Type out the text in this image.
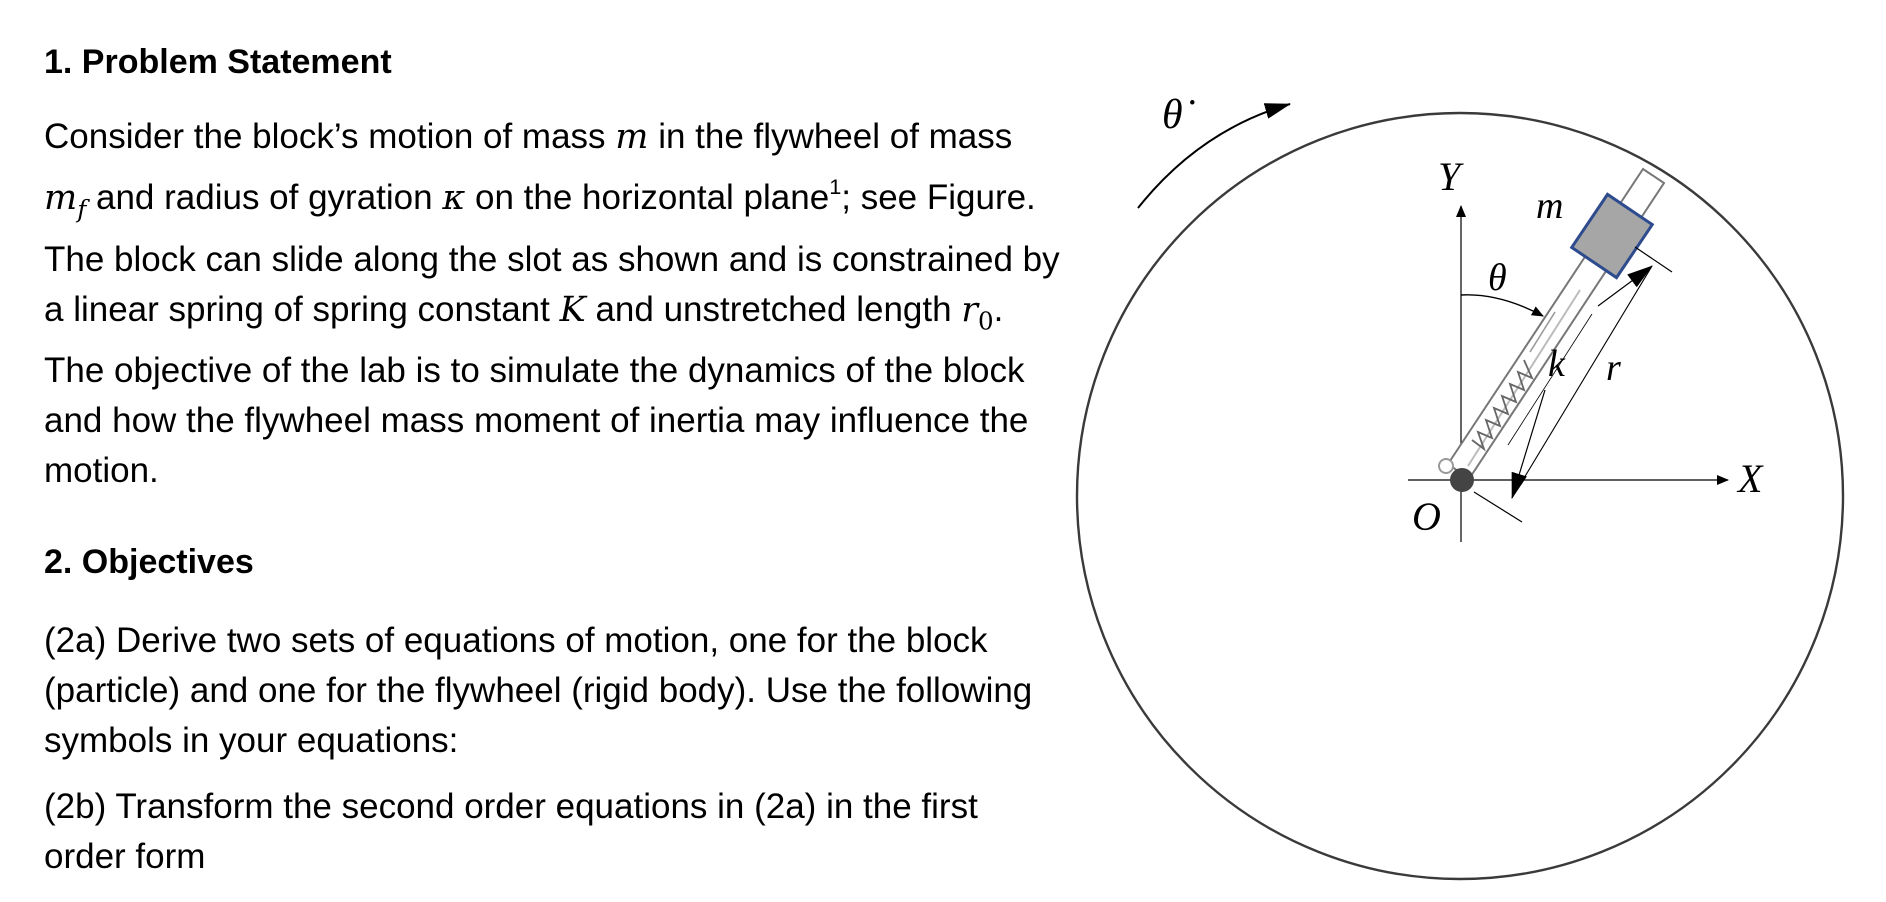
1. Problem Statement

Consider the block’s motion of mass m in the flywheel of mass $m_f$ and radius of gyration κ on the horizontal plane$^1$; see Figure. The block can slide along the slot as shown and is constrained by a linear spring of spring constant K and unstretched length $r_0$. The objective of the lab is to simulate the dynamics of the block and how the flywheel mass moment of inertia may influence the motion.

2. Objectives

(2a) Derive two sets of equations of motion, one for the block (particle) and one for the flywheel (rigid body). Use the following symbols in your equations:

(2b) Transform the second order equations in (2a) in the first order form

θ̇
Y
m
θ
k r
X
O
